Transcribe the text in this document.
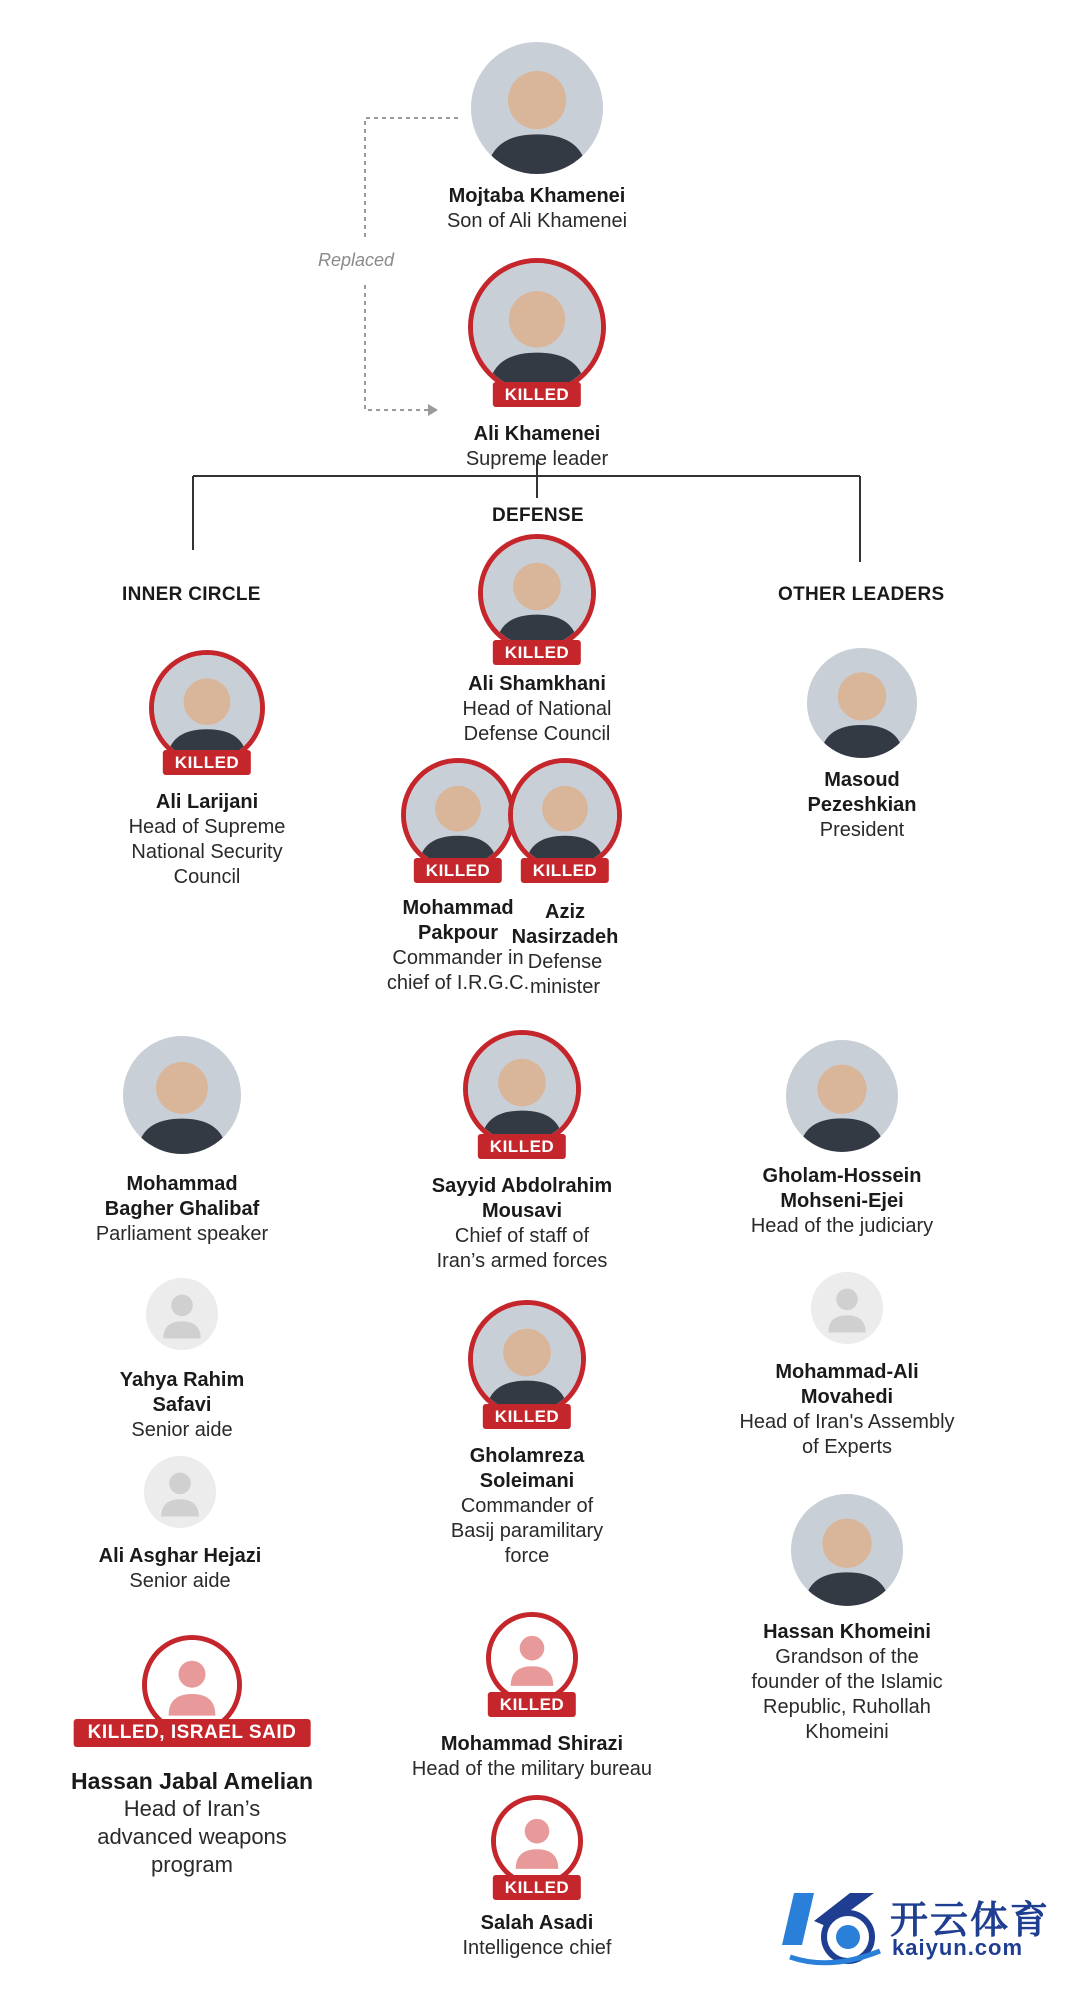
Replaced
DEFENSE
INNER CIRCLE	OTHER LEADERS
Mojtaba Khamenei
Son of Ali Khamenei
KILLED
Ali Khamenei
Supreme leader
KILLED
Ali Shamkhani
Head of National Defense Council
KILLED
Ali Larijani
Head of Supreme National Security Council
Masoud Pezeshkian
President
KILLED
Mohammad Pakpour
Commander in chief of I.R.G.C.
KILLED
Aziz Nasirzadeh
Defense minister
Mohammad Bagher Ghalibaf
Parliament speaker
KILLED
Sayyid Abdolrahim Mousavi
Chief of staff of Iran’s armed forces
Gholam-Hossein Mohseni-Ejei
Head of the judiciary
Yahya Rahim Safavi
Senior aide
KILLED
Gholamreza Soleimani
Commander of Basij paramilitary force
Mohammad-Ali Movahedi
Head of Iran's Assembly of Experts
Ali Asghar Hejazi
Senior aide
Hassan Khomeini
Grandson of the founder of the Islamic Republic, Ruhollah Khomeini
KILLED, ISRAEL SAID
Hassan Jabal Amelian
Head of Iran’s advanced weapons program
KILLED
Mohammad Shirazi
Head of the military bureau
KILLED
Salah Asadi
Intelligence chief
开云体育
kaiyun.com
